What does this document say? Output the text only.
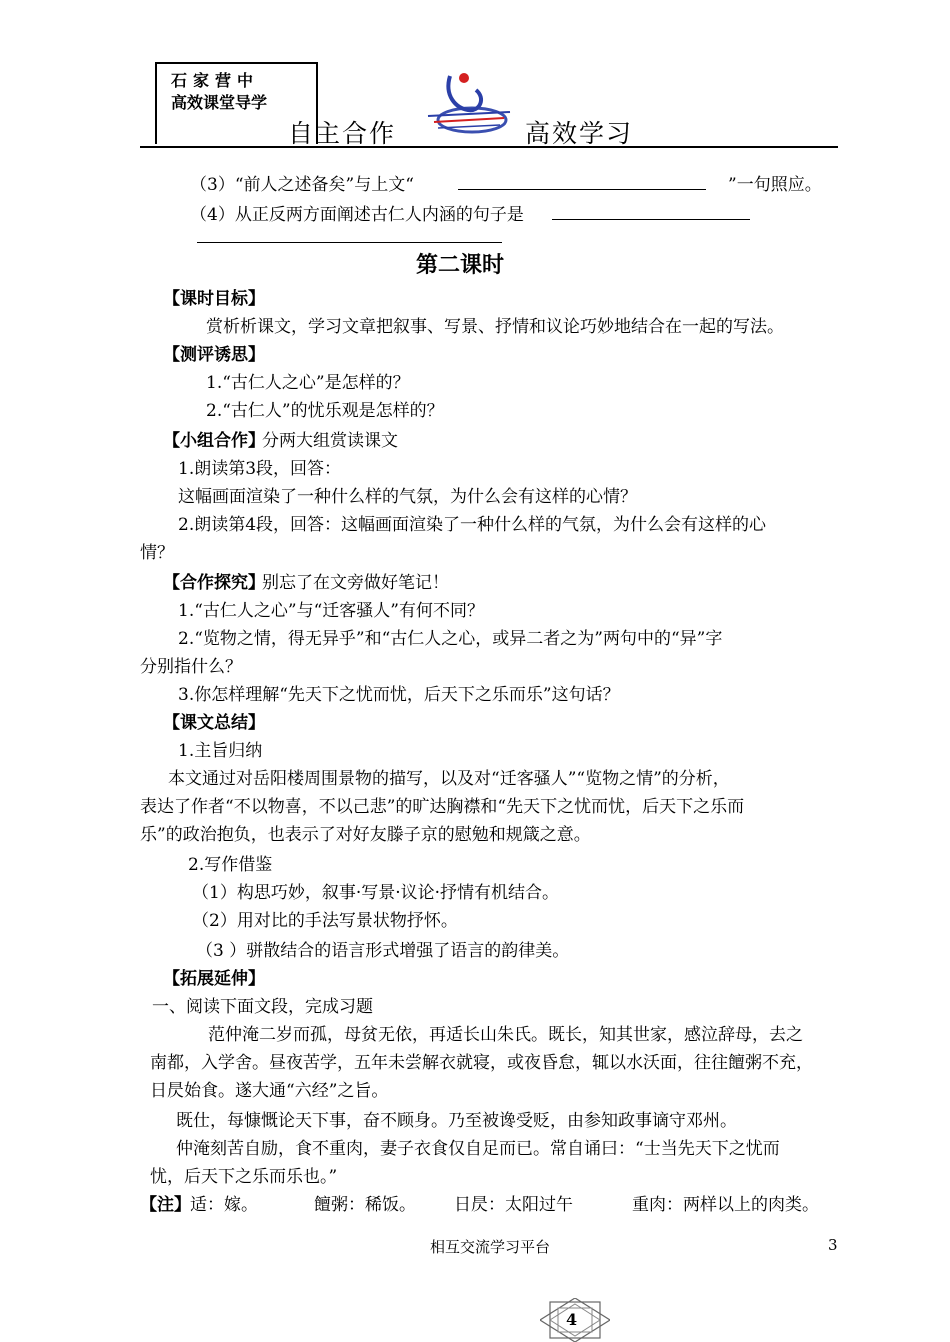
石家营中
高效课堂导学
自主合作	高效学习
（3）“前人之述备矣”与上文“	”一句照应。
（4）从正反两方面阐述古仁人内涵的句子是
第二课时
【课时目标】
赏析析课文，学习文章把叙事、写景、抒情和议论巧妙地结合在一起的写法。
【测评诱思】
1.“古仁人之心”是怎样的？
2.“古仁人”的忧乐观是怎样的？
【小组合作】
分两大组赏读课文
1.朗读第3段，回答：
这幅画面渲染了一种什么样的气氛，为什么会有这样的心情？
2.朗读第4段，回答：这幅画面渲染了一种什么样的气氛，为什么会有这样的心
情？
【合作探究】
别忘了在文旁做好笔记！
1.“古仁人之心”与“迁客骚人”有何不同？
2.“览物之情，得无异乎”和“古仁人之心，或异二者之为”两句中的“异”字
分别指什么？
3.你怎样理解“先天下之忧而忧，后天下之乐而乐”这句话？
【课文总结】
1.主旨归纳
本文通过对岳阳楼周围景物的描写，以及对“迁客骚人”“览物之情”的分析，
表达了作者“不以物喜，不以己悲”的旷达胸襟和“先天下之忧而忧，后天下之乐而
乐”的政治抱负，也表示了对好友滕子京的慰勉和规箴之意。
2.写作借鉴
（1）构思巧妙，叙事·写景·议论·抒情有机结合。
（2）用对比的手法写景状物抒怀。
（3 ）骈散结合的语言形式增强了语言的韵律美。
【拓展延伸】
一、阅读下面文段，完成习题
范仲淹二岁而孤，母贫无依，再适长山朱氏。既长，知其世家，感泣辞母，去之
南都，入学舍。昼夜苦学，五年未尝解衣就寝，或夜昏怠，辄以水沃面，往往饘粥不充，
日昃始食。遂大通“六经”之旨。
既仕，每慷慨论天下事，奋不顾身。乃至被谗受贬，由参知政事谪守邓州。
仲淹刻苦自励，食不重肉，妻子衣食仅自足而已。常自诵曰：“士当先天下之忧而
忧，后天下之乐而乐也。”
【注】 适：嫁。	饘粥：稀饭。 日昃：太阳过午	重肉：两样以上的肉类。
相互交流学习平台	3
4
